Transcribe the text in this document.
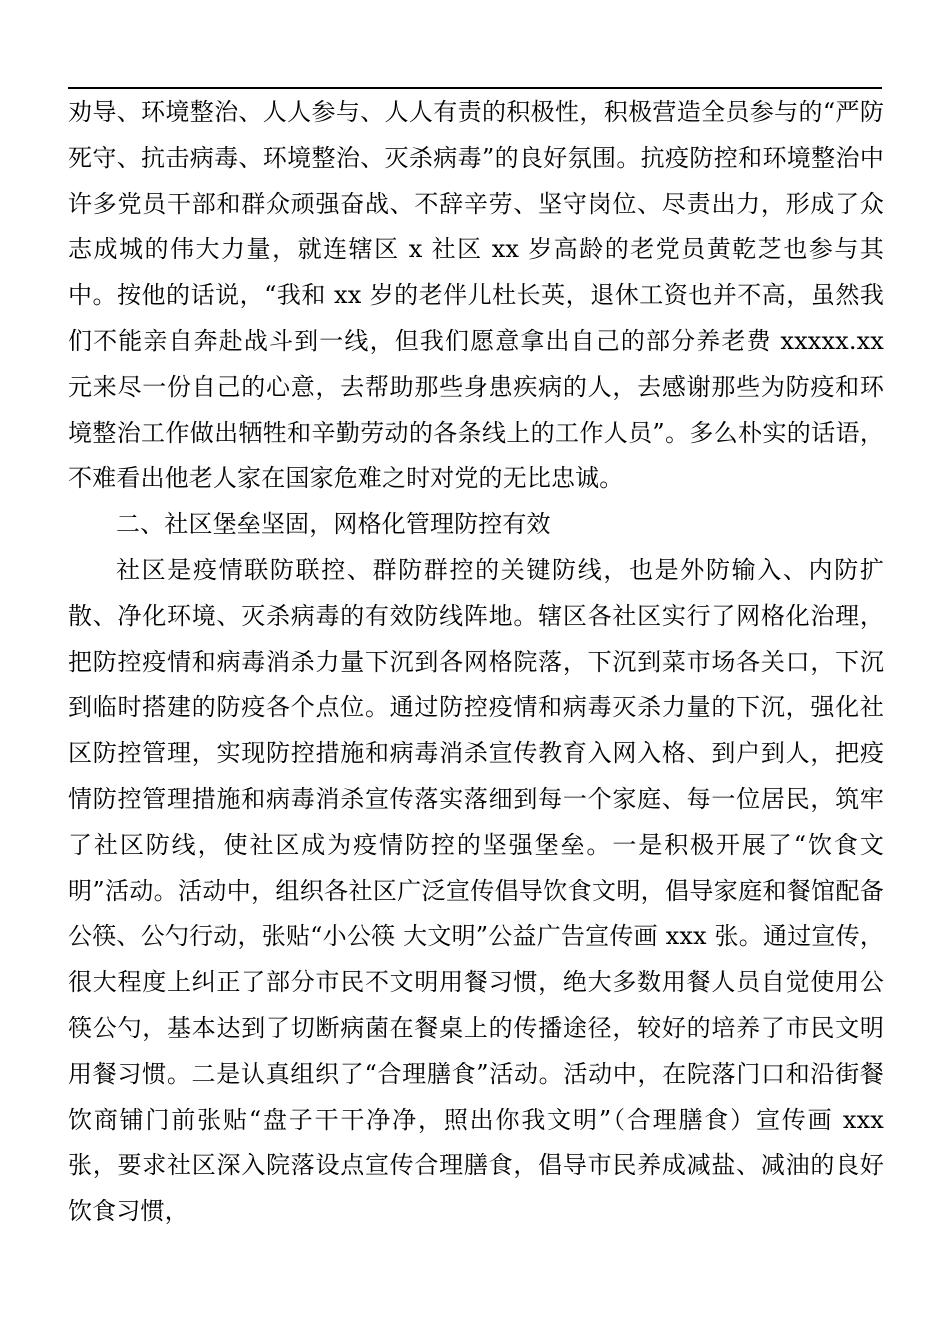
劝导、环境整治、人人参与、人人有责的积极性，积极营造全员参与的“严防死守、抗击病毒、环境整治、灭杀病毒”的良好氛围。抗疫防控和环境整治中许多党员干部和群众顽强奋战、不辞辛劳、坚守岗位、尽责出力，形成了众志成城的伟大力量，就连辖区 x 社区 xx 岁高龄的老党员黄乾芝也参与其中。按他的话说，“我和 xx 岁的老伴儿杜长英，退休工资也并不高，虽然我们不能亲自奔赴战斗到一线，但我们愿意拿出自己的部分养老费 xxxxx.xx 元来尽一份自己的心意，去帮助那些身患疾病的人，去感谢那些为防疫和环境整治工作做出牺牲和辛勤劳动的各条线上的工作人员”。多么朴实的话语，不难看出他老人家在国家危难之时对党的无比忠诚。

二、社区堡垒坚固，网格化管理防控有效

社区是疫情联防联控、群防群控的关键防线，也是外防输入、内防扩散、净化环境、灭杀病毒的有效防线阵地。辖区各社区实行了网格化治理，把防控疫情和病毒消杀力量下沉到各网格院落，下沉到菜市场各关口，下沉到临时搭建的防疫各个点位。通过防控疫情和病毒灭杀力量的下沉，强化社区防控管理，实现防控措施和病毒消杀宣传教育入网入格、到户到人，把疫情防控管理措施和病毒消杀宣传落实落细到每一个家庭、每一位居民，筑牢了社区防线，使社区成为疫情防控的坚强堡垒。一是积极开展了“饮食文明”活动。活动中，组织各社区广泛宣传倡导饮食文明，倡导家庭和餐馆配备公筷、公勺行动，张贴“小公筷 大文明”公益广告宣传画 xxx 张。通过宣传，很大程度上纠正了部分市民不文明用餐习惯，绝大多数用餐人员自觉使用公筷公勺，基本达到了切断病菌在餐桌上的传播途径，较好的培养了市民文明用餐习惯。二是认真组织了“合理膳食”活动。活动中，在院落门口和沿街餐饮商铺门前张贴“盘子干干净净，照出你我文明”（合理膳食）宣传画 xxx 张，要求社区深入院落设点宣传合理膳食，倡导市民养成减盐、减油的良好饮食习惯，
